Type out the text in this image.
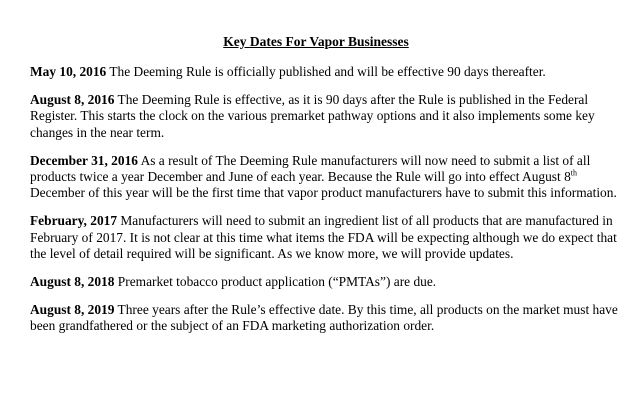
Key Dates For Vapor Businesses

May 10, 2016 The Deeming Rule is officially published and will be effective 90 days thereafter.

August 8, 2016 The Deeming Rule is effective, as it is 90 days after the Rule is published in the Federal Register. This starts the clock on the various premarket pathway options and it also implements some key changes in the near term.

December 31, 2016 As a result of The Deeming Rule manufacturers will now need to submit a list of all products twice a year December and June of each year. Because the Rule will go into effect August 8th December of this year will be the first time that vapor product manufacturers have to submit this information.

February, 2017 Manufacturers will need to submit an ingredient list of all products that are manufactured in February of 2017. It is not clear at this time what items the FDA will be expecting although we do expect that the level of detail required will be significant. As we know more, we will provide updates.

August 8, 2018 Premarket tobacco product application (“PMTAs”) are due.

August 8, 2019 Three years after the Rule’s effective date. By this time, all products on the market must have been grandfathered or the subject of an FDA marketing authorization order.
